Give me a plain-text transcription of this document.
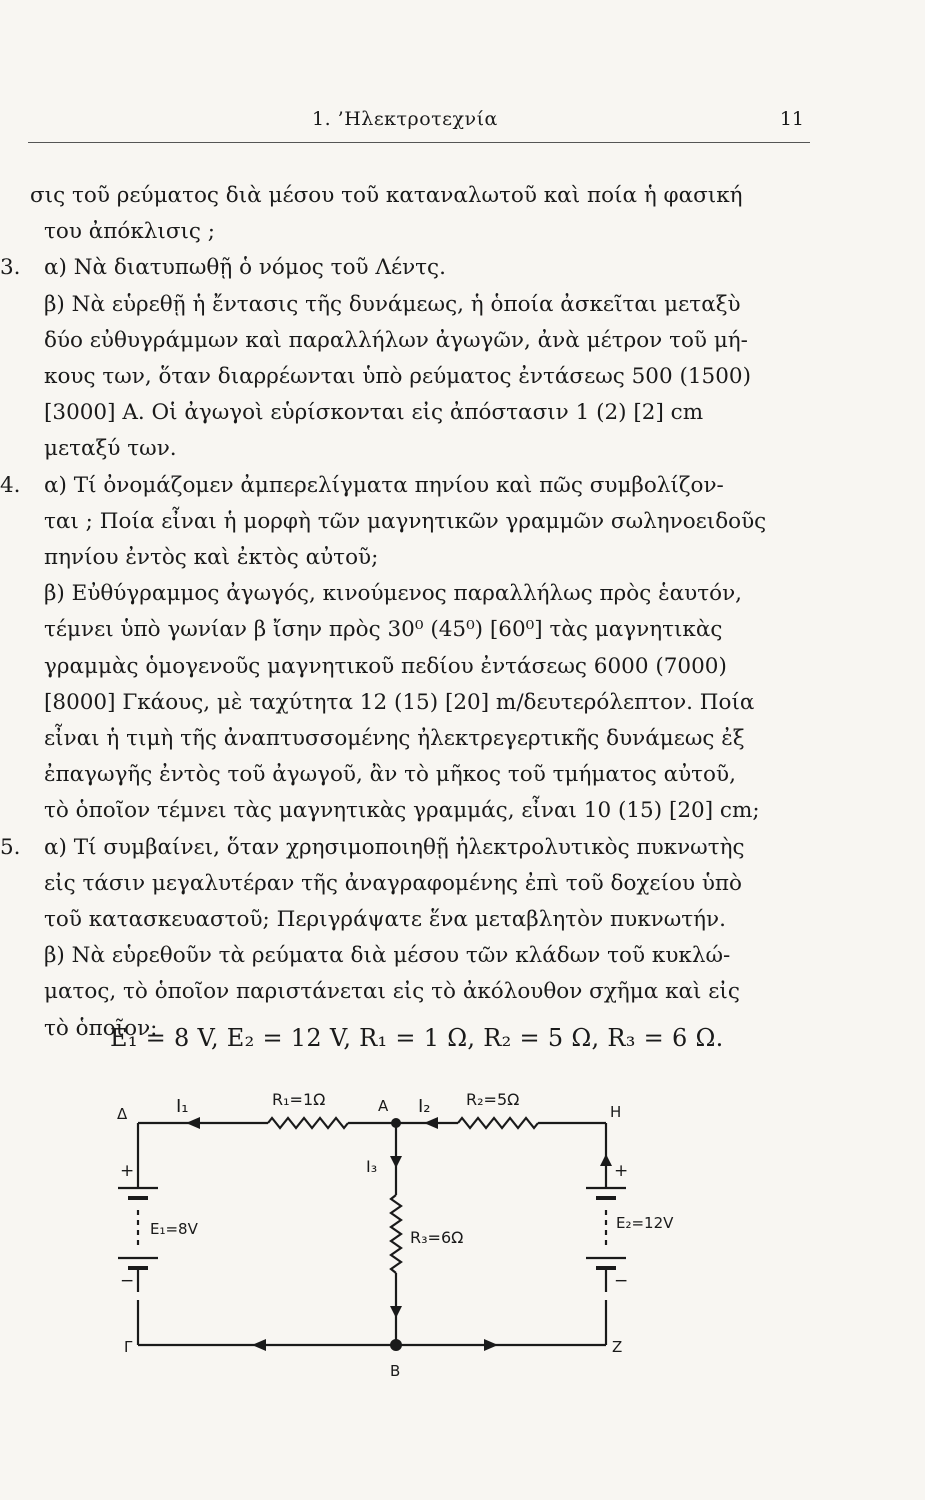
1. ’Ηλεκτροτεχνία	11
σις τοῦ ρεύματος διὰ μέσου τοῦ καταναλωτοῦ καὶ ποία ἡ φασική
του ἀπόκλισις ;
3. α) Νὰ διατυπωθῇ ὁ νόμος τοῦ Λέντς.
β) Νὰ εὑρεθῇ ἡ ἔντασις τῆς δυνάμεως, ἡ ὁποία ἀσκεῖται μεταξὺ
δύο εὐθυγράμμων καὶ παραλλήλων ἀγωγῶν, ἀνὰ μέτρον τοῦ μή-
κους των, ὅταν διαρρέωνται ὑπὸ ρεύματος ἐντάσεως 500 (1500)
[3000] A. Οἱ ἀγωγοὶ εὑρίσκονται εἰς ἀπόστασιν 1 (2) [2] cm
μεταξύ των.
4. α) Τί ὀνομάζομεν ἀμπερελίγματα πηνίου καὶ πῶς συμβολίζον-
ται ; Ποία εἶναι ἡ μορφὴ τῶν μαγνητικῶν γραμμῶν σωληνοειδοῦς
πηνίου ἐντὸς καὶ ἐκτὸς αὐτοῦ;
β) Εὐθύγραμμος ἀγωγός, κινούμενος παραλλήλως πρὸς ἑαυτόν,
τέμνει ὑπὸ γωνίαν β ἴσην πρὸς 30⁰ (45⁰) [60⁰] τὰς μαγνητικὰς
γραμμὰς ὁμογενοῦς μαγνητικοῦ πεδίου ἐντάσεως 6000 (7000)
[8000] Γκάους, μὲ ταχύτητα 12 (15) [20] m/δευτερόλεπτον. Ποία
εἶναι ἡ τιμὴ τῆς ἀναπτυσσομένης ἠλεκτρεγερτικῆς δυνάμεως ἐξ
ἐπαγωγῆς ἐντὸς τοῦ ἀγωγοῦ, ἂν τὸ μῆκος τοῦ τμήματος αὐτοῦ,
τὸ ὁποῖον τέμνει τὰς μαγνητικὰς γραμμάς, εἶναι 10 (15) [20] cm;
5. α) Τί συμβαίνει, ὅταν χρησιμοποιηθῇ ἠλεκτρολυτικὸς πυκνωτὴς
εἰς τάσιν μεγαλυτέραν τῆς ἀναγραφομένης ἐπὶ τοῦ δοχείου ὑπὸ
τοῦ κατασκευαστοῦ; Περιγράψατε ἕνα μεταβλητὸν πυκνωτήν.
β) Νὰ εὑρεθοῦν τὰ ρεύματα διὰ μέσου τῶν κλάδων τοῦ κυκλώ-
ματος, τὸ ὁποῖον παριστάνεται εἰς τὸ ἀκόλουθον σχῆμα καὶ εἰς
τὸ ὁποῖον:
E₁ = 8 V, E₂ = 12 V, R₁ = 1 Ω, R₂ = 5 Ω, R₃ = 6 Ω.
Δ	A	H
Γ
B
Z
I₁	I₂
I₃
R₁=1Ω	R₂=5Ω
R₃=6Ω
E₁=8V	E₂=12V
+
−
+
−
